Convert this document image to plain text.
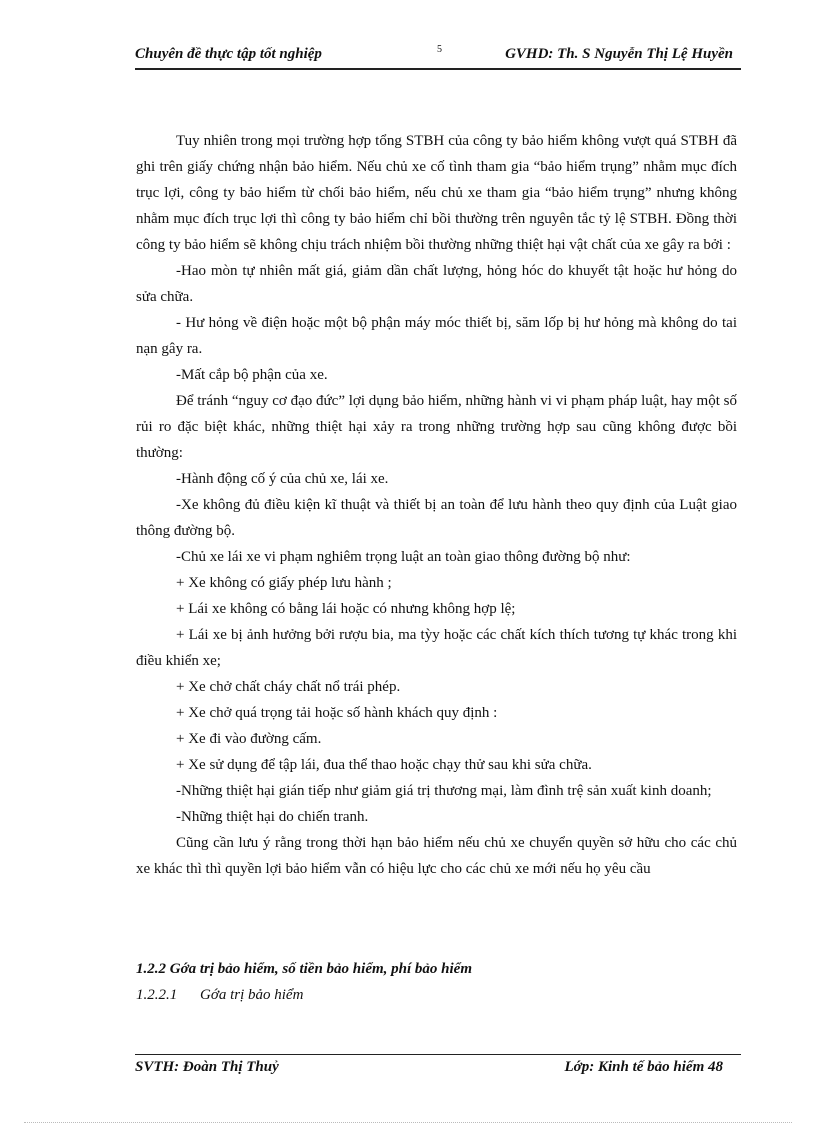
Chuyên đề thực tập tốt nghiệp	5	GVHD: Th. S Nguyễn Thị Lệ Huyền

Tuy nhiên trong mọi trường hợp tổng STBH của công ty bảo hiểm không vượt quá STBH đã ghi trên giấy chứng nhận bảo hiểm. Nếu chủ xe cố tình tham gia “bảo hiểm trụng” nhằm mục đích trục lợi, công ty bảo hiểm từ chối bảo hiểm, nếu chủ xe tham gia “bảo hiểm trụng” nhưng không nhằm mục đích trục lợi thì công ty bảo hiểm chỉ bồi thường trên nguyên tắc tỷ lệ STBH. Đồng thời công ty bảo hiểm sẽ không chịu trách nhiệm bồi thường những thiệt hại vật chất của xe gây ra bởi :

-Hao mòn tự nhiên mất giá, giảm dần chất lượng, hỏng hóc do khuyết tật hoặc hư hỏng do sửa chữa.

- Hư hỏng về điện hoặc một bộ phận máy móc thiết bị, săm lốp bị hư hỏng mà không do tai nạn gây ra.

-Mất cắp bộ phận của xe.

Để tránh “nguy cơ đạo đức” lợi dụng bảo hiểm, những hành vi vi phạm pháp luật, hay một số rủi ro đặc biệt khác, những thiệt hại xảy ra trong những trường hợp sau cũng không được bồi thường:

-Hành động cố ý của chủ xe, lái xe.

-Xe không đủ điều kiện kĩ thuật và thiết bị an toàn để lưu hành theo quy định của Luật giao thông đường bộ.

-Chủ xe lái xe vi phạm nghiêm trọng luật an toàn giao thông đường bộ như:

+ Xe không có giấy phép lưu hành ;

+ Lái xe không có bằng lái hoặc có nhưng không hợp lệ;

+ Lái xe bị ảnh hưởng bởi rượu bia, ma tỳy hoặc các chất kích thích tương tự khác trong khi điều khiển xe;

+ Xe chở chất cháy chất nổ trái phép.

+ Xe chở quá trọng tải hoặc số hành khách quy định :

+ Xe đi vào đường cấm.

+ Xe sử dụng để tập lái, đua thể thao hoặc chạy thử sau khi sửa chữa.

-Những thiệt hại gián tiếp như giảm giá trị thương mại, làm đình trệ sản xuất kinh doanh;

-Những thiệt hại do chiến tranh.

Cũng cần lưu ý rằng trong thời hạn bảo hiểm nếu chủ xe chuyển quyền sở hữu cho các chủ xe khác thì thì quyền lợi bảo hiểm vẫn có hiệu lực cho các chủ xe mới nếu họ yêu cầu

1.2.2 Gớa trị bảo hiểm, số tiền bảo hiểm, phí bảo hiểm
1.2.2.1 Gớa trị bảo hiểm
SVTH: Đoàn Thị Thuỷ	Lớp: Kinh tế bảo hiểm 48
